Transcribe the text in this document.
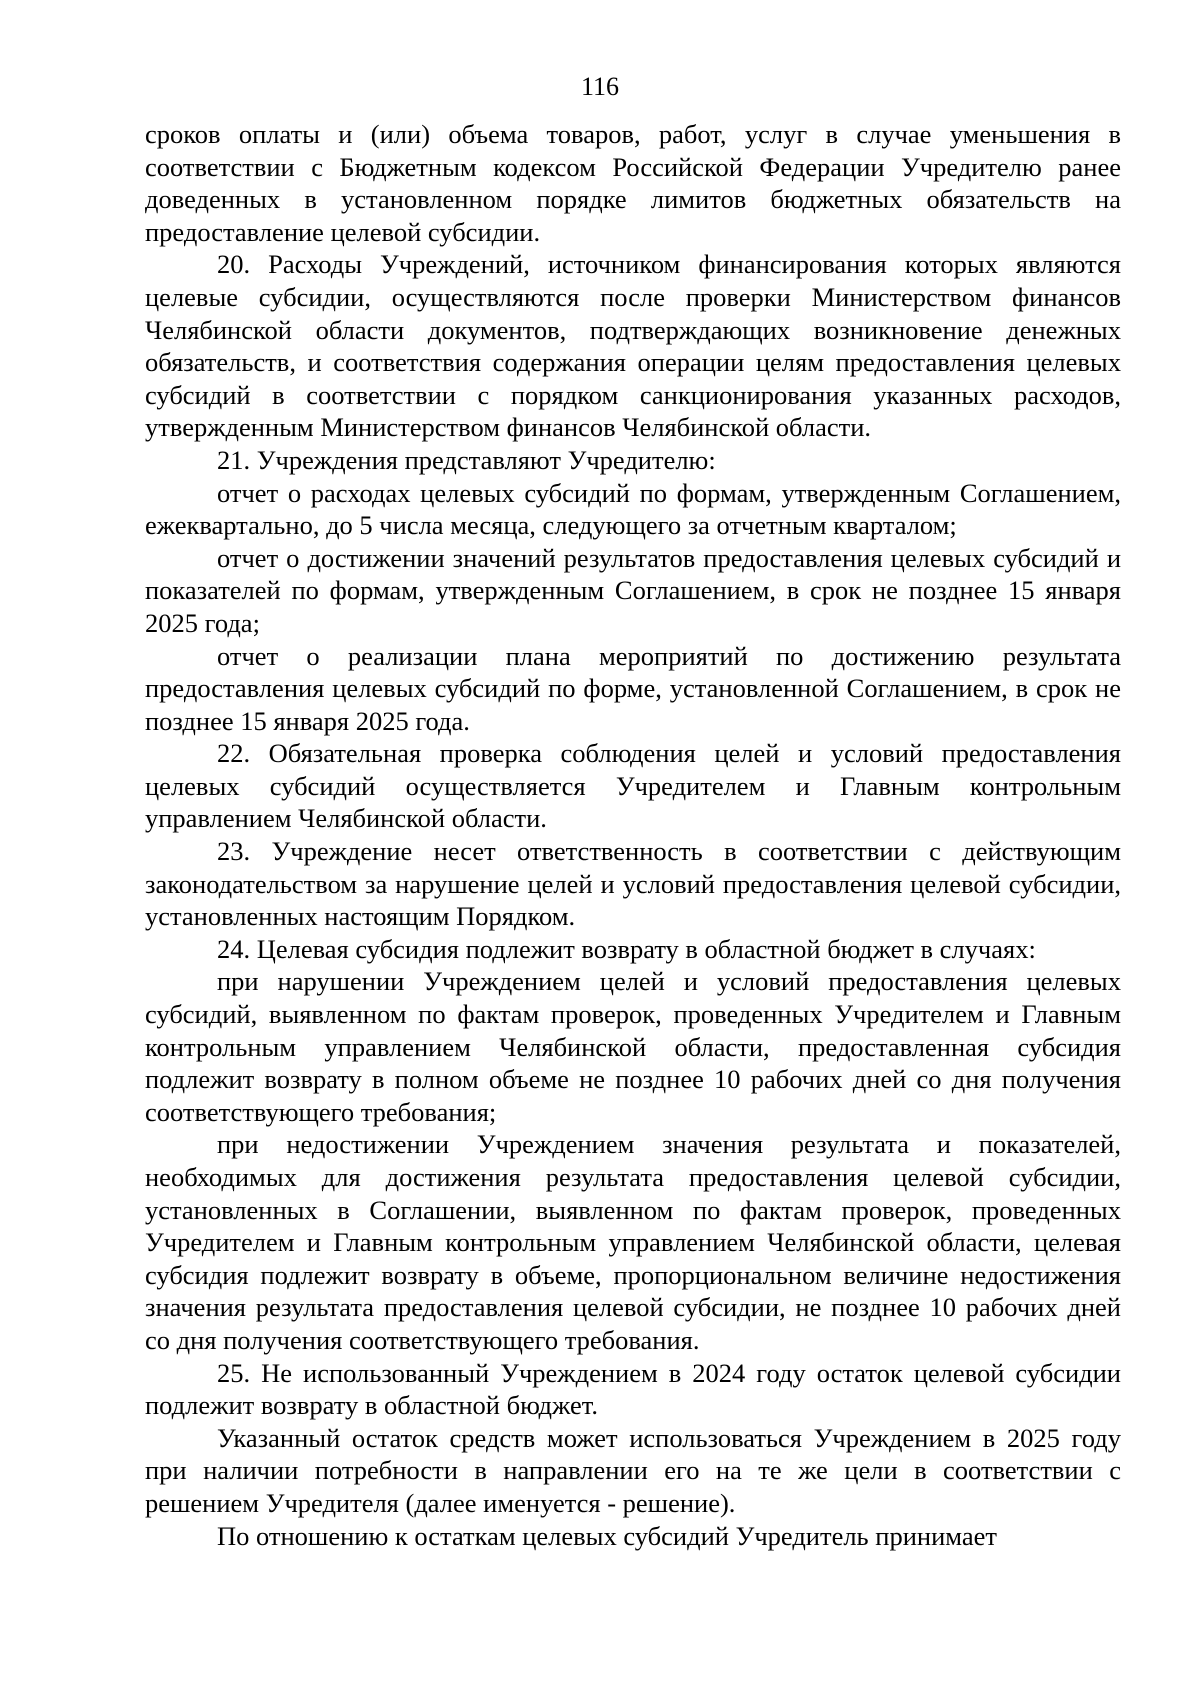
116

сроков оплаты и (или) объема товаров, работ, услуг в случае уменьшения в соответствии с Бюджетным кодексом Российской Федерации Учредителю ранее доведенных в установленном порядке лимитов бюджетных обязательств на предоставление целевой субсидии.

20. Расходы Учреждений, источником финансирования которых являются целевые субсидии, осуществляются после проверки Министерством финансов Челябинской области документов, подтверждающих возникновение денежных обязательств, и соответствия содержания операции целям предоставления целевых субсидий в соответствии с порядком санкционирования указанных расходов, утвержденным Министерством финансов Челябинской области.

21. Учреждения представляют Учредителю:

отчет о расходах целевых субсидий по формам, утвержденным Соглашением, ежеквартально, до 5 числа месяца, следующего за отчетным кварталом;

отчет о достижении значений результатов предоставления целевых субсидий и показателей по формам, утвержденным Соглашением, в срок не позднее 15 января 2025 года;

отчет о реализации плана мероприятий по достижению результата предоставления целевых субсидий по форме, установленной Соглашением, в срок не позднее 15 января 2025 года.

22. Обязательная проверка соблюдения целей и условий предоставления целевых субсидий осуществляется Учредителем и Главным контрольным управлением Челябинской области.

23. Учреждение несет ответственность в соответствии с действующим законодательством за нарушение целей и условий предоставления целевой субсидии, установленных настоящим Порядком.

24. Целевая субсидия подлежит возврату в областной бюджет в случаях:

при нарушении Учреждением целей и условий предоставления целевых субсидий, выявленном по фактам проверок, проведенных Учредителем и Главным контрольным управлением Челябинской области, предоставленная субсидия подлежит возврату в полном объеме не позднее 10 рабочих дней со дня получения соответствующего требования;

при недостижении Учреждением значения результата и показателей, необходимых для достижения результата предоставления целевой субсидии, установленных в Соглашении, выявленном по фактам проверок, проведенных Учредителем и Главным контрольным управлением Челябинской области, целевая субсидия подлежит возврату в объеме, пропорциональном величине недостижения значения результата предоставления целевой субсидии, не позднее 10 рабочих дней со дня получения соответствующего требования.

25. Не использованный Учреждением в 2024 году остаток целевой субсидии подлежит возврату в областной бюджет.

Указанный остаток средств может использоваться Учреждением в 2025 году при наличии потребности в направлении его на те же цели в соответствии с решением Учредителя (далее именуется - решение).

По отношению к остаткам целевых субсидий Учредитель принимает
